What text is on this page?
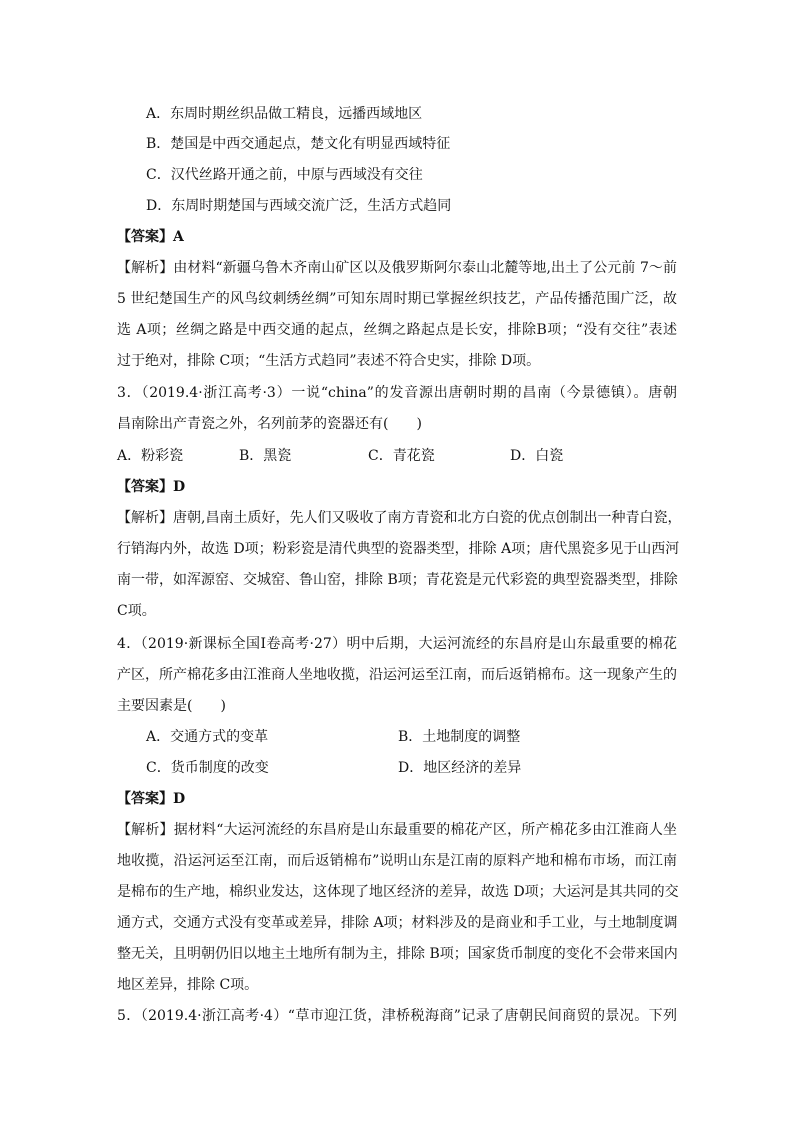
A．东周时期丝织品做工精良，远播西域地区
B．楚国是中西交通起点，楚文化有明显西域特征
C．汉代丝路开通之前，中原与西域没有交往
D．东周时期楚国与西域交流广泛，生活方式趋同
【答案】A
【解析】由材料“新疆乌鲁木齐南山矿区以及俄罗斯阿尔泰山北麓等地,出土了公元前 7～前
5 世纪楚国生产的风鸟纹刺绣丝绸”可知东周时期已掌握丝织技艺，产品传播范围广泛，故
选 A项；丝绸之路是中西交通的起点，丝绸之路起点是长安，排除B项；“没有交往”表述
过于绝对，排除 C项；“生活方式趋同”表述不符合史实，排除 D项。
3．（2019.4·浙江高考·3）一说“china”的发音源出唐朝时期的昌南（今景德镇）。唐朝
昌南除出产青瓷之外，名列前茅的瓷器还有(　　)
A．粉彩瓷	B．黑瓷	C．青花瓷	D．白瓷
【答案】D
【解析】唐朝,昌南土质好，先人们又吸收了南方青瓷和北方白瓷的优点创制出一种青白瓷，
行销海内外，故选 D项；粉彩瓷是清代典型的瓷器类型，排除 A项；唐代黑瓷多见于山西河
南一带，如浑源窑、交城窑、鲁山窑，排除 B项；青花瓷是元代彩瓷的典型瓷器类型，排除
C项。
4．（2019·新课标全国Ⅰ卷高考·27）明中后期，大运河流经的东昌府是山东最重要的棉花
产区，所产棉花多由江淮商人坐地收揽，沿运河运至江南，而后返销棉布。这一现象产生的
主要因素是(　　)
A．交通方式的变革	B．土地制度的调整
C．货币制度的改变	D．地区经济的差异
【答案】D
【解析】据材料“大运河流经的东昌府是山东最重要的棉花产区，所产棉花多由江淮商人坐
地收揽，沿运河运至江南，而后返销棉布”说明山东是江南的原料产地和棉布市场，而江南
是棉布的生产地，棉织业发达，这体现了地区经济的差异，故选 D项；大运河是其共同的交
通方式，交通方式没有变革或差异，排除 A项；材料涉及的是商业和手工业，与土地制度调
整无关，且明朝仍旧以地主土地所有制为主，排除 B项；国家货币制度的变化不会带来国内
地区差异，排除 C项。
5．（2019.4·浙江高考·4）“草市迎江货，津桥税海商”记录了唐朝民间商贸的景况。下列
